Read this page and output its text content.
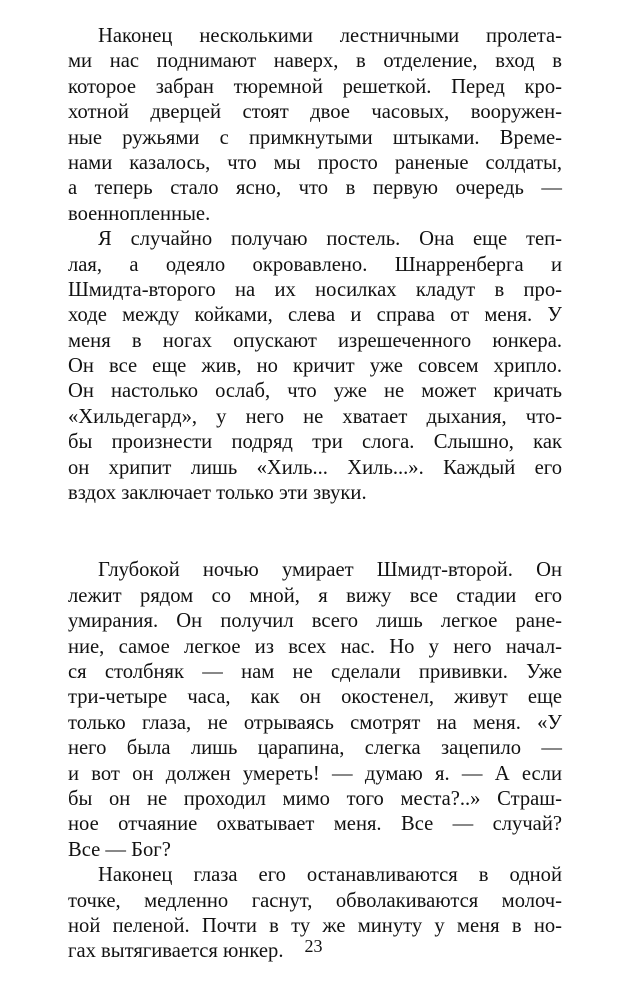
Наконец несколькими лестничными пролета-
ми нас поднимают наверх, в отделение, вход в
которое забран тюремной решеткой. Перед кро-
хотной дверцей стоят двое часовых, вооружен-
ные ружьями с примкнутыми штыками. Време-
нами казалось, что мы просто раненые солдаты,
а теперь стало ясно, что в первую очередь —
военнопленные.
Я случайно получаю постель. Она еще теп-
лая, а одеяло окровавлено. Шнарренберга и
Шмидта-второго на их носилках кладут в про-
ходе между койками, слева и справа от меня. У
меня в ногах опускают изрешеченного юнкера.
Он все еще жив, но кричит уже совсем хрипло.
Он настолько ослаб, что уже не может кричать
«Хильдегард», у него не хватает дыхания, что-
бы произнести подряд три слога. Слышно, как
он хрипит лишь «Хиль... Хиль...». Каждый его
вздох заключает только эти звуки.
Глубокой ночью умирает Шмидт-второй. Он
лежит рядом со мной, я вижу все стадии его
умирания. Он получил всего лишь легкое ране-
ние, самое легкое из всех нас. Но у него начал-
ся столбняк — нам не сделали прививки. Уже
три-четыре часа, как он окостенел, живут еще
только глаза, не отрываясь смотрят на меня. «У
него была лишь царапина, слегка зацепило —
и вот он должен умереть! — думаю я. — А если
бы он не проходил мимо того места?..» Страш-
ное отчаяние охватывает меня. Все — случай?
Все — Бог?
Наконец глаза его останавливаются в одной
точке, медленно гаснут, обволакиваются молоч-
ной пеленой. Почти в ту же минуту у меня в но-
гах вытягивается юнкер.	23
